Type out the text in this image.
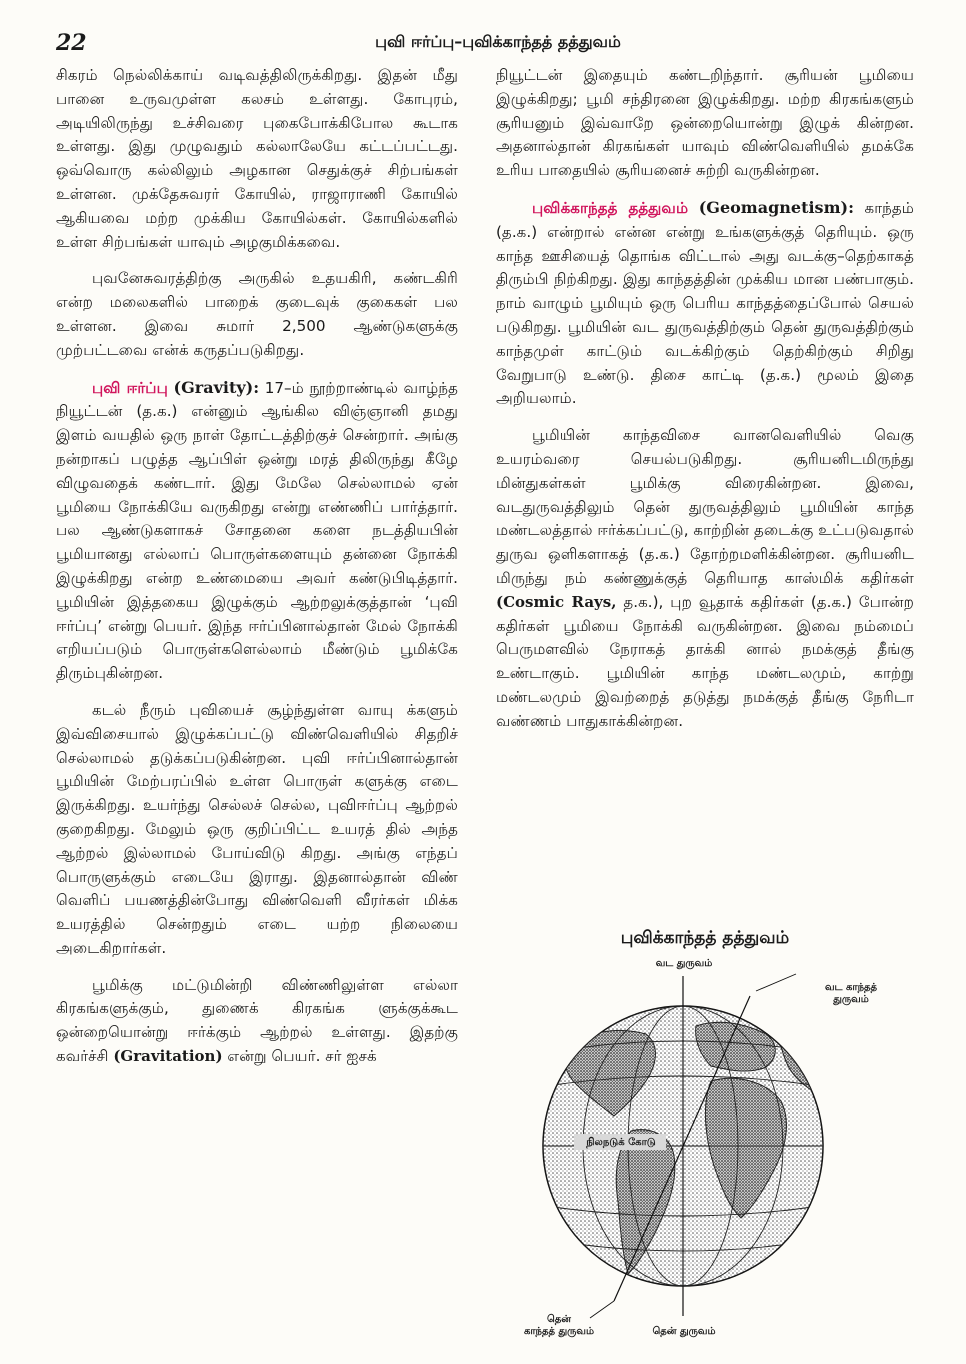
22	புவி ஈர்ப்பு–புவிக்காந்தத் தத்துவம்

சிகரம் நெல்லிக்காய் வடிவத்திலிருக்கிறது. இதன் மீது பானை உருவமுள்ள கலசம் உள்ளது. கோபுரம், அடியிலிருந்து உச்சிவரை புகைபோக்கிபோல கூடாக உள்ளது. இது முழுவதும் கல்லாலேயே கட்டப்பட்டது. ஒவ்வொரு கல்லிலும் அழகான செதுக்குச் சிற்பங்கள் உள்ளன. முக்தேசுவரர் கோயில், ராஜாராணி கோயில் ஆகியவை மற்ற முக்கிய கோயில்கள். கோயில்களில் உள்ள சிற்பங்கள் யாவும் அழகுமிக்கவை.

புவனேசுவரத்திற்கு அருகில் உதயகிரி, கண்டகிரி என்ற மலைகளில் பாறைக் குடைவுக் குகைகள் பல உள்ளன. இவை சுமார் 2,500 ஆண்டுகளுக்கு முற்பட்டவை என்க் கருதப்படுகிறது.

புவி ஈர்ப்பு (Gravity): 17–ம் நூற்றாண்டில் வாழ்ந்த நியூட்டன் (த.க.) என்னும் ஆங்கில விஞ்ஞானி தமது இளம் வயதில் ஒரு நாள் தோட்டத்திற்குச் சென்றார். அங்கு நன்றாகப் பழுத்த ஆப்பிள் ஒன்று மரத் திலிருந்து கீழே விழுவதைக் கண்டார். இது மேலே செல்லாமல் ஏன் பூமியை நோக்கியே வருகிறது என்று எண்ணிப் பார்த்தார். பல ஆண்டுகளாகச் சோதனை களை நடத்தியபின் பூமியானது எல்லாப் பொருள்களையும் தன்னை நோக்கி இழுக்கிறது என்ற உண்மையை அவர் கண்டுபிடித்தார். பூமியின் இத்தகைய இழுக்கும் ஆற்றலுக்குத்தான் ‘புவி ஈர்ப்பு’ என்று பெயர். இந்த ஈர்ப்பினால்தான் மேல் நோக்கி எறியப்படும் பொருள்களெல்லாம் மீண்டும் பூமிக்கே திரும்புகின்றன.

கடல் நீரும் புவியைச் சூழ்ந்துள்ள வாயு க்களும் இவ்விசையால் இழுக்கப்பட்டு விண்வெளியில் சிதறிச் செல்லாமல் தடுக்கப்படுகின்றன. புவி ஈர்ப்பினால்தான் பூமியின் மேற்பரப்பில் உள்ள பொருள் களுக்கு எடை இருக்கிறது. உயர்ந்து செல்லச் செல்ல, புவிஈர்ப்பு ஆற்றல் குறைகிறது. மேலும் ஒரு குறிப்பிட்ட உயரத் தில் அந்த ஆற்றல் இல்லாமல் போய்விடு கிறது. அங்கு எந்தப் பொருளுக்கும் எடையே இராது. இதனால்தான் விண் வெளிப் பயணத்தின்போது விண்வெளி வீரர்கள் மிக்க உயரத்தில் சென்றதும் எடை யற்ற நிலையை அடைகிறார்கள்.

பூமிக்கு மட்டுமின்றி விண்ணிலுள்ள எல்லா கிரகங்களுக்கும், துணைக் கிரகங்க ளுக்குக்கூட ஒன்றையொன்று ஈர்க்கும் ஆற்றல் உள்ளது. இதற்கு கவர்ச்சி (Gravitation) என்று பெயர். சர் ஐசக்

நியூட்டன் இதையும் கண்டறிந்தார். சூரியன் பூமியை இழுக்கிறது; பூமி சந்திரனை இழுக்கிறது. மற்ற கிரகங்களும் சூரியனும் இவ்வாறே ஒன்றையொன்று இழுக் கின்றன. அதனால்தான் கிரகங்கள் யாவும் விண்வெளியில் தமக்கே உரிய பாதையில் சூரியனைச் சுற்றி வருகின்றன.

புவிக்காந்தத் தத்துவம் (Geomagnetism): காந்தம் (த.க.) என்றால் என்ன என்று உங்களுக்குத் தெரியும். ஒரு காந்த ஊசியைத் தொங்க விட்டால் அது வடக்கு–தெற்காகத் திரும்பி நிற்கிறது. இது காந்தத்தின் முக்கிய மான பண்பாகும். நாம் வாழும் பூமியும் ஒரு பெரிய காந்தத்தைப்போல் செயல் படுகிறது. பூமியின் வட துருவத்திற்கும் தென் துருவத்திற்கும் காந்தமுள் காட்டும் வடக்கிற்கும் தெற்கிற்கும் சிறிது வேறுபாடு உண்டு. திசை காட்டி (த.க.) மூலம் இதை அறியலாம்.

பூமியின் காந்தவிசை வானவெளியில் வெகு உயரம்வரை செயல்படுகிறது. சூரியனிடமிருந்து மின்துகள்கள் பூமிக்கு விரைகின்றன. இவை, வடதுருவத்திலும் தென் துருவத்திலும் பூமியின் காந்த மண்டலத்தால் ஈர்க்கப்பட்டு, காற்றின் தடைக்கு உட்படுவதால் துருவ ஒளிகளாகத் (த.க.) தோற்றமளிக்கின்றன. சூரியனிட மிருந்து நம் கண்ணுக்குத் தெரியாத காஸ்மிக் கதிர்கள் (Cosmic Rays, த.க.), புற வூதாக் கதிர்கள் (த.க.) போன்ற கதிர்கள் பூமியை நோக்கி வருகின்றன. இவை நம்மைப் பெருமளவில் நேராகத் தாக்கி னால் நமக்குத் தீங்கு உண்டாகும். பூமியின் காந்த மண்டலமும், காற்று மண்டலமும் இவற்றைத் தடுத்து நமக்குத் தீங்கு நேரிடா வண்ணம் பாதுகாக்கின்றன.

புவிக்காந்தத் தத்துவம்
வட துருவம்
வட காந்தத்
துருவம்
நிலநடுக் கோடு
தென்
காந்தத் துருவம்	தென் துருவம்
